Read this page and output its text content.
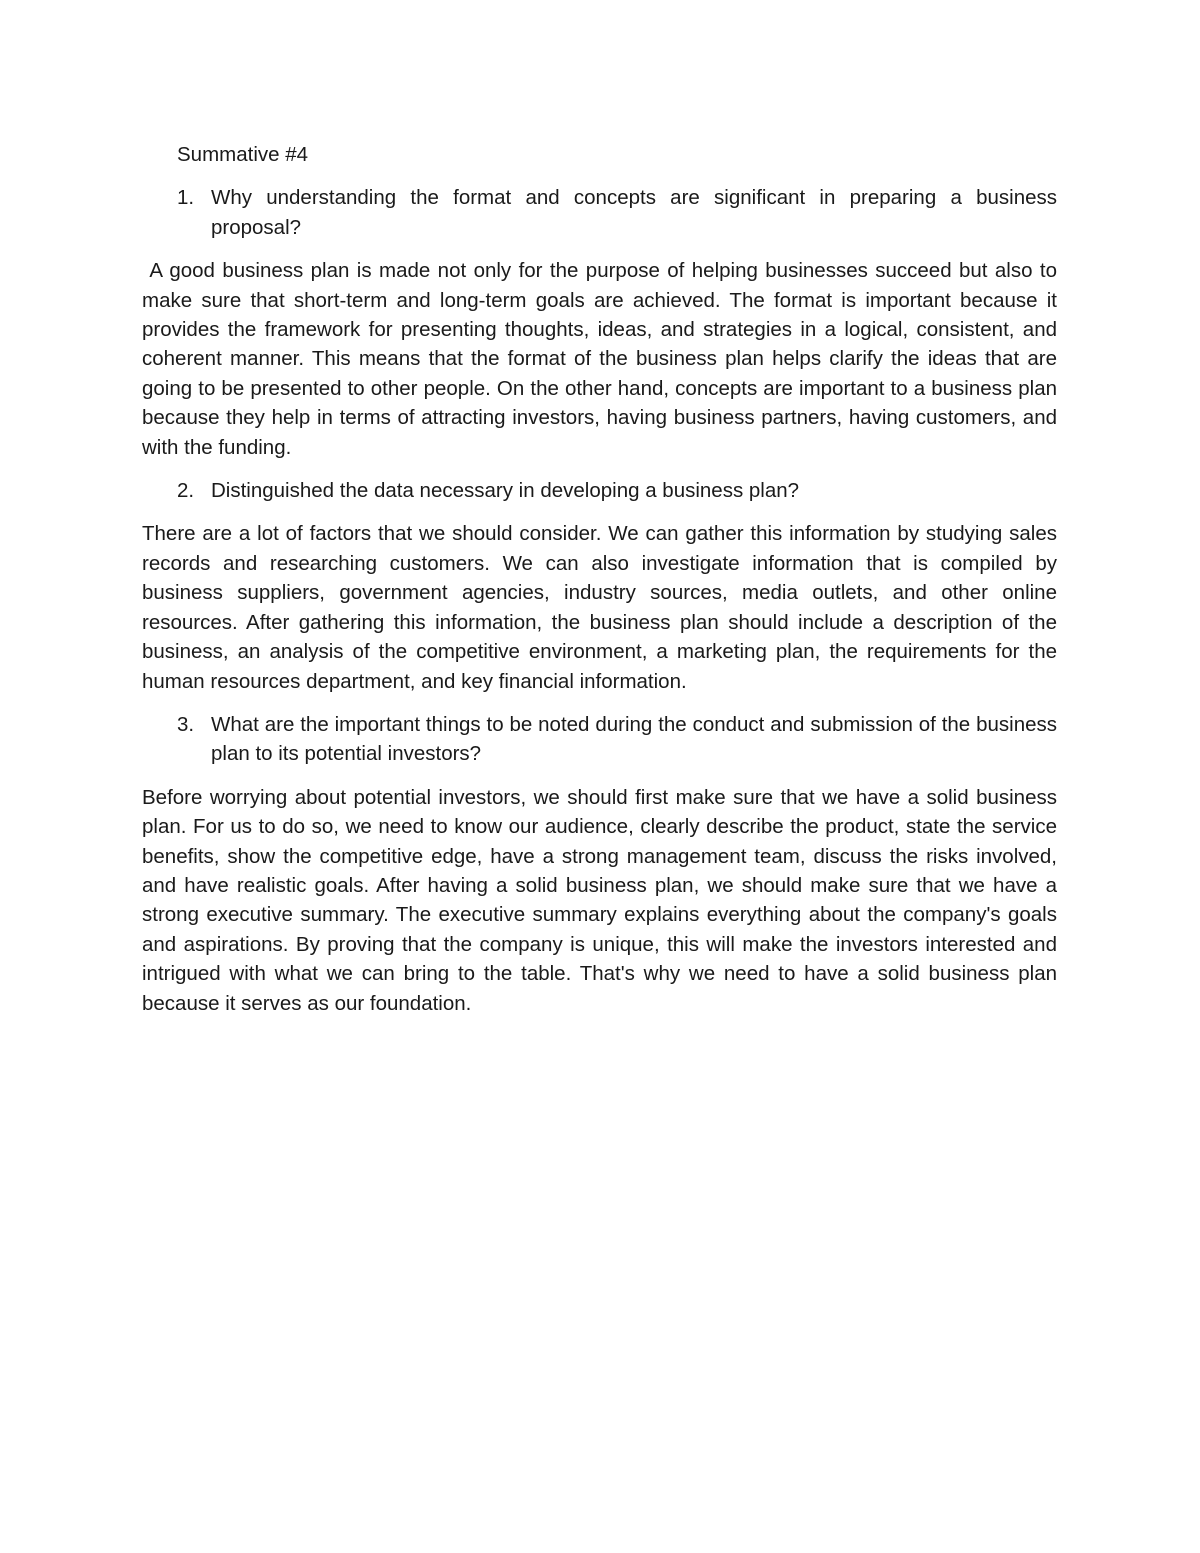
Summative #4
1. Why understanding the format and concepts are significant in preparing a business proposal?
A good business plan is made not only for the purpose of helping businesses succeed but also to make sure that short-term and long-term goals are achieved. The format is important because it provides the framework for presenting thoughts, ideas, and strategies in a logical, consistent, and coherent manner. This means that the format of the business plan helps clarify the ideas that are going to be presented to other people. On the other hand, concepts are important to a business plan because they help in terms of attracting investors, having business partners, having customers, and with the funding.
2. Distinguished the data necessary in developing a business plan?
There are a lot of factors that we should consider. We can gather this information by studying sales records and researching customers. We can also investigate information that is compiled by business suppliers, government agencies, industry sources, media outlets, and other online resources. After gathering this information, the business plan should include a description of the business, an analysis of the competitive environment, a marketing plan, the requirements for the human resources department, and key financial information.
3. What are the important things to be noted during the conduct and submission of the business plan to its potential investors?
Before worrying about potential investors, we should first make sure that we have a solid business plan. For us to do so, we need to know our audience, clearly describe the product, state the service benefits, show the competitive edge, have a strong management team, discuss the risks involved, and have realistic goals. After having a solid business plan, we should make sure that we have a strong executive summary. The executive summary explains everything about the company's goals and aspirations. By proving that the company is unique, this will make the investors interested and intrigued with what we can bring to the table. That's why we need to have a solid business plan because it serves as our foundation.
